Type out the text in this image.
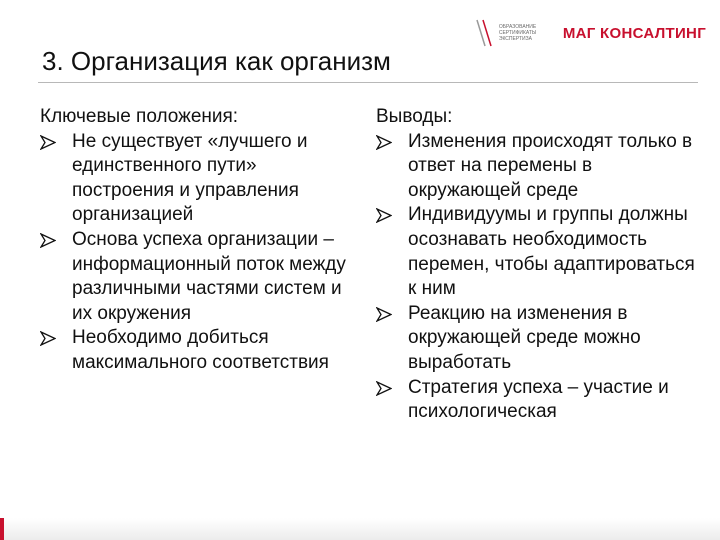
ОБРАЗОВАНИЕ СЕРТИФИКАТЫ ЭКСПЕРТИЗА	МАГ КОНСАЛТИНГ
3. Организация как организм
Ключевые положения:
Не существует «лучшего и единственного пути» построения и управления организацией
Основа успеха организации – информационный поток между различными частями систем и их окружения
Необходимо добиться максимального соответствия
Выводы:
Изменения происходят только в ответ на перемены в окружающей среде
Индивидуумы и группы должны осознавать необходимость перемен, чтобы адаптироваться к ним
Реакцию на изменения в окружающей среде можно выработать
Стратегия успеха – участие и психологическая
